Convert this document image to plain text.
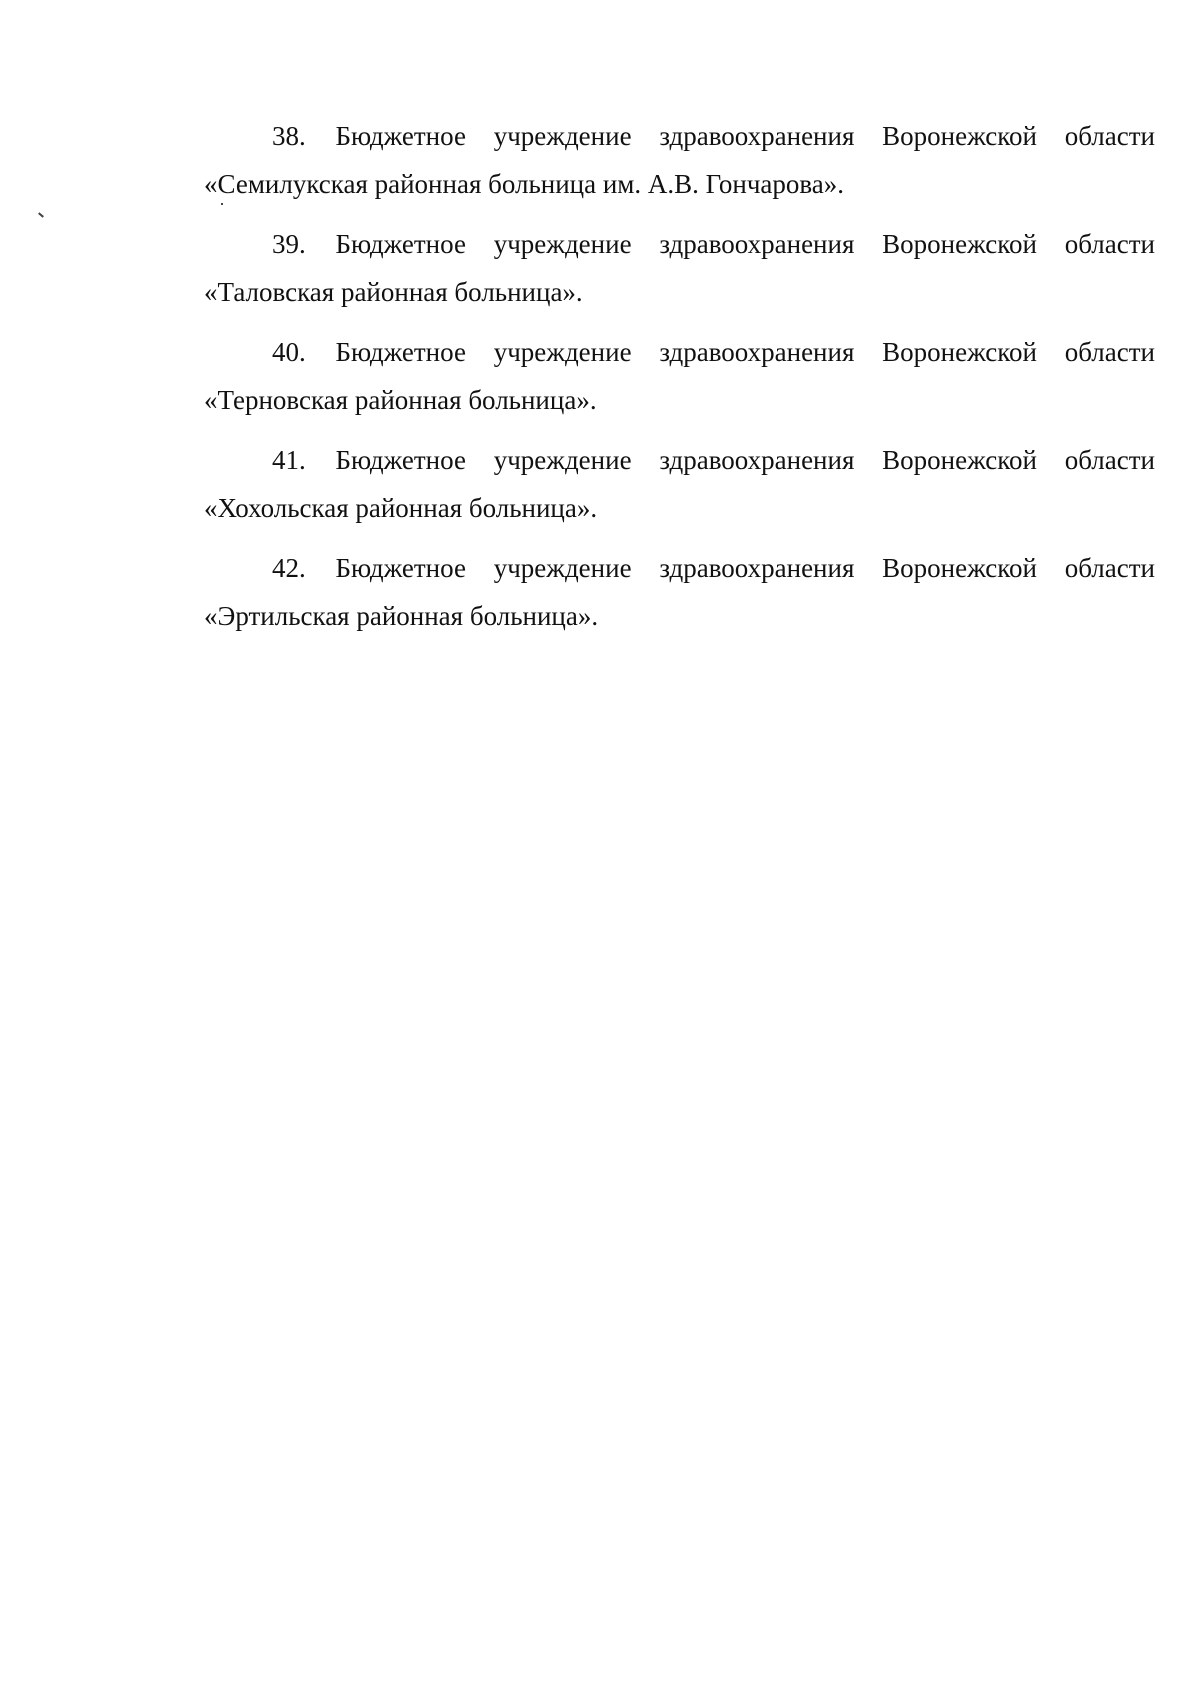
38. Бюджетное учреждение здравоохранения Воронежской области

«Семилукская районная больница им. А.В. Гончарова».

39. Бюджетное учреждение здравоохранения Воронежской области

«Таловская районная больница».

40. Бюджетное учреждение здравоохранения Воронежской области

«Терновская районная больница».

41. Бюджетное учреждение здравоохранения Воронежской области

«Хохольская районная больница».

42. Бюджетное учреждение здравоохранения Воронежской области

«Эртильская районная больница».
